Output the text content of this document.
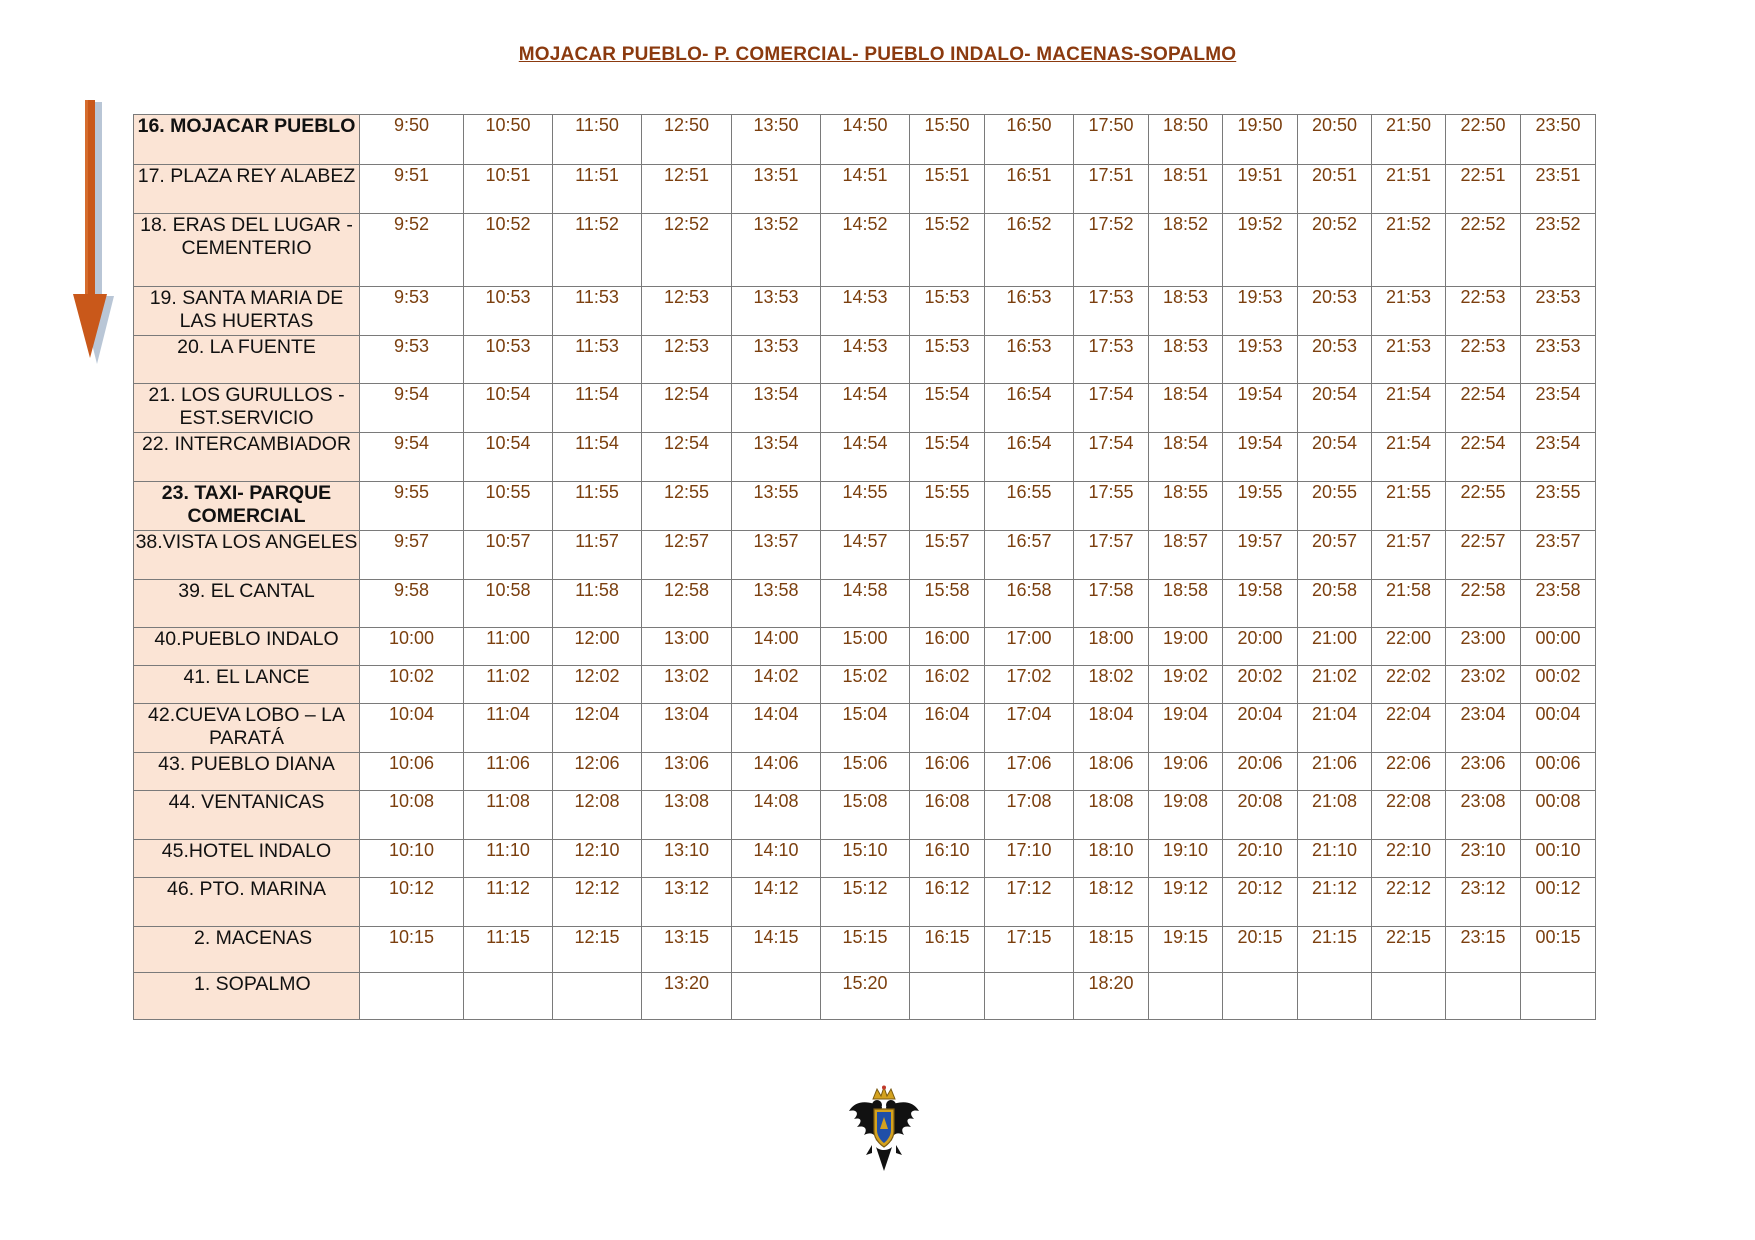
MOJACAR PUEBLO- P. COMERCIAL- PUEBLO INDALO- MACENAS-SOPALMO
16. MOJACAR PUEBLO	9:50	10:50	11:50	12:50	13:50	14:50	15:50	16:50	17:50	18:50	19:50	20:50	21:50	22:50	23:50
17. PLAZA REY ALABEZ	9:51	10:51	11:51	12:51	13:51	14:51	15:51	16:51	17:51	18:51	19:51	20:51	21:51	22:51	23:51
18. ERAS DEL LUGAR - CEMENTERIO	9:52	10:52	11:52	12:52	13:52	14:52	15:52	16:52	17:52	18:52	19:52	20:52	21:52	22:52	23:52
19. SANTA MARIA DE LAS HUERTAS	9:53	10:53	11:53	12:53	13:53	14:53	15:53	16:53	17:53	18:53	19:53	20:53	21:53	22:53	23:53
20. LA FUENTE	9:53	10:53	11:53	12:53	13:53	14:53	15:53	16:53	17:53	18:53	19:53	20:53	21:53	22:53	23:53
21. LOS GURULLOS - EST.SERVICIO	9:54	10:54	11:54	12:54	13:54	14:54	15:54	16:54	17:54	18:54	19:54	20:54	21:54	22:54	23:54
22. INTERCAMBIADOR	9:54	10:54	11:54	12:54	13:54	14:54	15:54	16:54	17:54	18:54	19:54	20:54	21:54	22:54	23:54
23. TAXI- PARQUE COMERCIAL	9:55	10:55	11:55	12:55	13:55	14:55	15:55	16:55	17:55	18:55	19:55	20:55	21:55	22:55	23:55
38.VISTA LOS ANGELES	9:57	10:57	11:57	12:57	13:57	14:57	15:57	16:57	17:57	18:57	19:57	20:57	21:57	22:57	23:57
39. EL CANTAL	9:58	10:58	11:58	12:58	13:58	14:58	15:58	16:58	17:58	18:58	19:58	20:58	21:58	22:58	23:58
40.PUEBLO INDALO	10:00	11:00	12:00	13:00	14:00	15:00	16:00	17:00	18:00	19:00	20:00	21:00	22:00	23:00	00:00
41. EL LANCE	10:02	11:02	12:02	13:02	14:02	15:02	16:02	17:02	18:02	19:02	20:02	21:02	22:02	23:02	00:02
42.CUEVA LOBO – LA PARATÁ	10:04	11:04	12:04	13:04	14:04	15:04	16:04	17:04	18:04	19:04	20:04	21:04	22:04	23:04	00:04
43. PUEBLO DIANA	10:06	11:06	12:06	13:06	14:06	15:06	16:06	17:06	18:06	19:06	20:06	21:06	22:06	23:06	00:06
44. VENTANICAS	10:08	11:08	12:08	13:08	14:08	15:08	16:08	17:08	18:08	19:08	20:08	21:08	22:08	23:08	00:08
45.HOTEL INDALO	10:10	11:10	12:10	13:10	14:10	15:10	16:10	17:10	18:10	19:10	20:10	21:10	22:10	23:10	00:10
46. PTO. MARINA	10:12	11:12	12:12	13:12	14:12	15:12	16:12	17:12	18:12	19:12	20:12	21:12	22:12	23:12	00:12
2. MACENAS	10:15	11:15	12:15	13:15	14:15	15:15	16:15	17:15	18:15	19:15	20:15	21:15	22:15	23:15	00:15
1. SOPALMO				13:20		15:20			18:20						
